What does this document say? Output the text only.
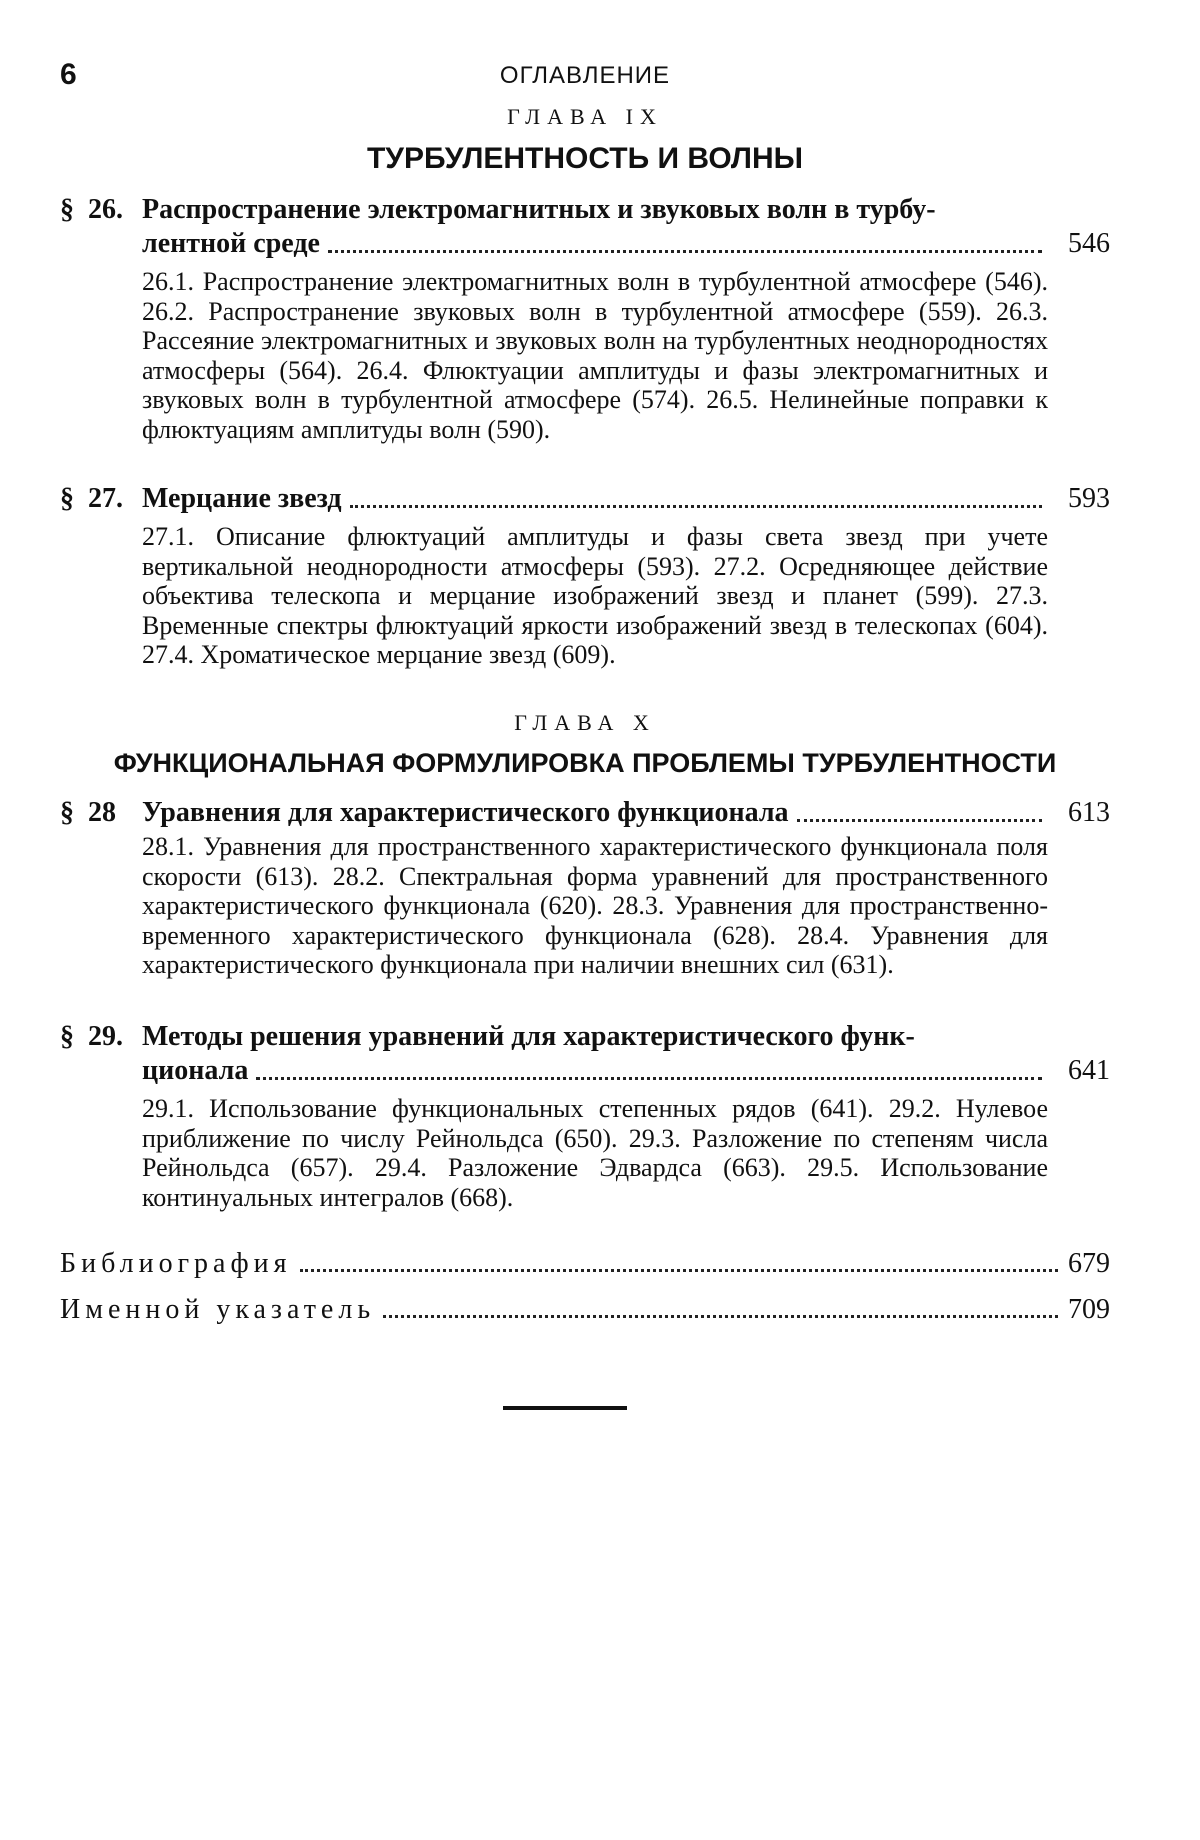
6	ОГЛАВЛЕНИЕ
ГЛАВА IX
ТУРБУЛЕНТНОСТЬ И ВОЛНЫ
§ 26. Распространение электромагнитных и звуковых волн в турбу-
лентной среде	546
26.1. Распространение электромагнитных волн в турбулентной атмосфере (546). 26.2. Распространение звуковых волн в турбулентной атмосфере (559). 26.3. Рассеяние электромагнитных и звуковых волн на турбулентных неоднородностях атмосферы (564). 26.4. Флюктуации амплитуды и фазы электромагнитных и звуковых волн в турбулентной атмосфере (574). 26.5. Нелинейные поправки к флюктуациям амплитуды волн (590).
§ 27. Мерцание звезд	593
27.1. Описание флюктуаций амплитуды и фазы света звезд при учете вертикальной неоднородности атмосферы (593). 27.2. Осредняющее действие объектива телескопа и мерцание изображений звезд и планет (599). 27.3. Временные спектры флюктуаций яркости изображений звезд в телескопах (604). 27.4. Хроматическое мерцание звезд (609).
ГЛАВА X
ФУНКЦИОНАЛЬНАЯ ФОРМУЛИРОВКА ПРОБЛЕМЫ ТУРБУЛЕНТНОСТИ
§ 28 Уравнения для характеристического функционала	613
28.1. Уравнения для пространственного характеристического функционала поля скорости (613). 28.2. Спектральная форма уравнений для пространственного характеристического функционала (620). 28.3. Уравнения для пространственно-временного характеристического функционала (628). 28.4. Уравнения для характеристического функционала при наличии внешних сил (631).
§ 29. Методы решения уравнений для характеристического функ-
ционала	641
29.1. Использование функциональных степенных рядов (641). 29.2. Нулевое приближение по числу Рейнольдса (650). 29.3. Разложение по степеням числа Рейнольдса (657). 29.4. Разложение Эдвардса (663). 29.5. Использование континуальных интегралов (668).
Библиография	679
Именной указатель	709
